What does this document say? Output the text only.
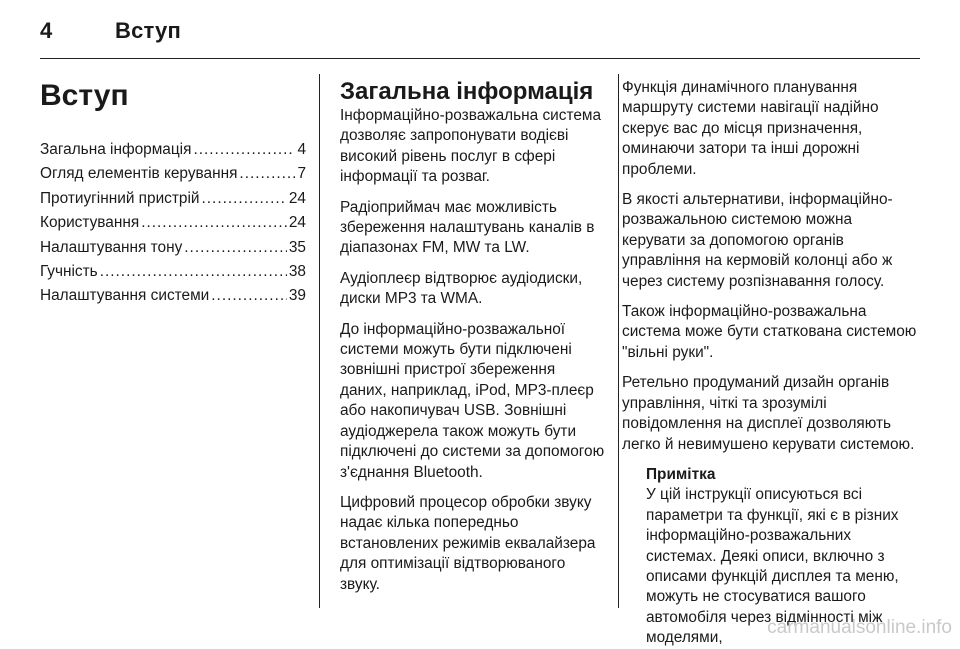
4	Вступ
Вступ
Загальна інформація .....	4
Огляд елементів керування .....	7
Протиугінний пристрій .....	24
Користування .....	24
Налаштування тону .....	35
Гучність .....	38
Налаштування системи .....	39
Загальна інформація

Інформаційно-розважальна система дозволяє запропонувати водієві високий рівень послуг в сфері інформації та розваг.

Радіоприймач має можливість збереження налаштувань каналів в діапазонах FM, MW та LW.

Аудіоплеєр відтворює аудіодиски, диски MP3 та WMA.

До інформаційно-розважальної системи можуть бути підключені зовнішні пристрої збереження даних, наприклад, iPod, MP3-плеєр або накопичувач USB. Зовнішні аудіоджерела також можуть бути підключені до системи за допомогою з'єднання Bluetooth.

Цифровий процесор обробки звуку надає кілька попередньо встановлених режимів еквалайзера для оптимізації відтворюваного звуку.

Функція динамічного планування маршруту системи навігації надійно скерує вас до місця призначення, оминаючи затори та інші дорожні проблеми.

В якості альтернативи, інформаційно-розважальною системою можна керувати за допомогою органів управління на кермовій колонці або ж через систему розпізнавання голосу.

Також інформаційно-розважальна система може бути статкована системою "вільні руки".

Ретельно продуманий дизайн органів управління, чіткі та зрозумілі повідомлення на дисплеї дозволяють легко й невимушено керувати системою.

Примітка
У цій інструкції описуються всі параметри та функції, які є в різних інформаційно-розважальних системах. Деякі описи, включно з описами функцій дисплея та меню, можуть не стосуватися вашого автомобіля через відмінності між моделями,	carmanualsonline.info
